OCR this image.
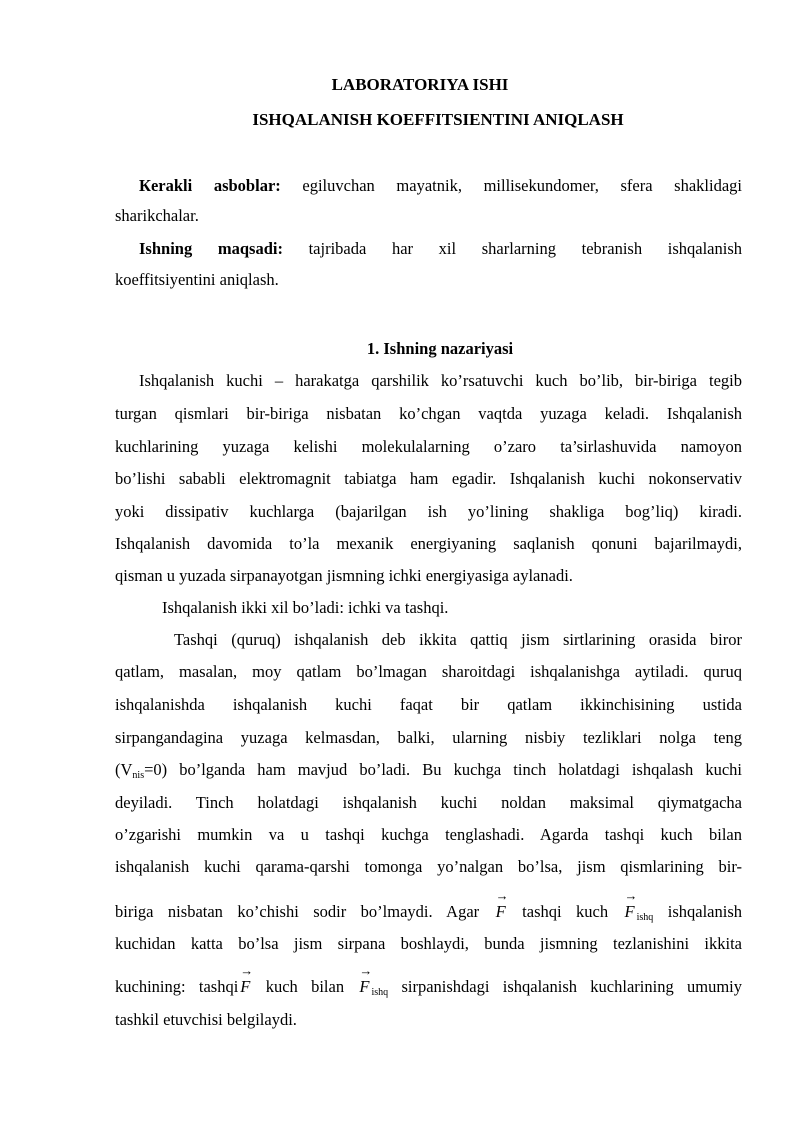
LABORATORIYA ISHI
ISHQALANISH KOEFFITSIENTINI ANIQLASH
Кerakli asboblar: egiluvchan mayatnik, millisekundomer, sfera shaklidagi
sharikchalar.
Ishning maqsadi: tajribada har xil sharlarning tebranish ishqalanish
koeffitsiyentini aniqlash.
1. Ishning nazariyasi
Ishqalanish kuchi – harakatga qarshilik ko’rsatuvchi kuch bo’lib, bir-biriga tegib
turgan qismlari bir-biriga nisbatan ko’chgan vaqtda yuzaga keladi. Ishqalanish
kuchlarining yuzaga kelishi molekulalarning o’zaro ta’sirlashuvida namoyon
bo’lishi sababli elektromagnit tabiatga ham egadir. Ishqalanish kuchi nokonservativ
yoki dissipativ kuchlarga (bajarilgan ish yo’lining shakliga bog’liq) kiradi.
Ishqalanish davomida to’la mexanik energiyaning saqlanish qonuni bajarilmaydi,
qisman u yuzada sirpanayotgan jismning ichki energiyasiga aylanadi.
Ishqalanish ikki xil bo’ladi: ichki va tashqi.
Tashqi (quruq) ishqalanish deb ikkita qattiq jism sirtlarining orasida biror
qatlam, masalan, moy qatlam bo’lmagan sharoitdagi ishqalanishga aytiladi. quruq
ishqalanishda ishqalanish kuchi faqat bir qatlam ikkinchisining ustida
sirpangandagina yuzaga kelmasdan, balki, ularning nisbiy tezliklari nolga teng
(Vnis=0) bo’lganda ham mavjud bo’ladi. Bu kuchga tinch holatdagi ishqalash kuchi
deyiladi. Tinch holatdagi ishqalanish kuchi noldan maksimal qiymatgacha
o’zgarishi mumkin va u tashqi kuchga tenglashadi. Agarda tashqi kuch bilan
ishqalanish kuchi qarama-qarshi tomonga yo’nalgan bo’lsa, jism qismlarining bir-
biriga nisbatan ko’chishi sodir bo’lmaydi. Agar
→
F tashqi kuch
→
F ishq ishqalanish
kuchidan katta bo’lsa jism sirpana boshlaydi, bunda jismning tezlanishini ikkita
kuchining: tashqi
→
F kuch bilan
→
F ishq sirpanishdagi ishqalanish kuchlarining umumiy
tashkil etuvchisi belgilaydi.
